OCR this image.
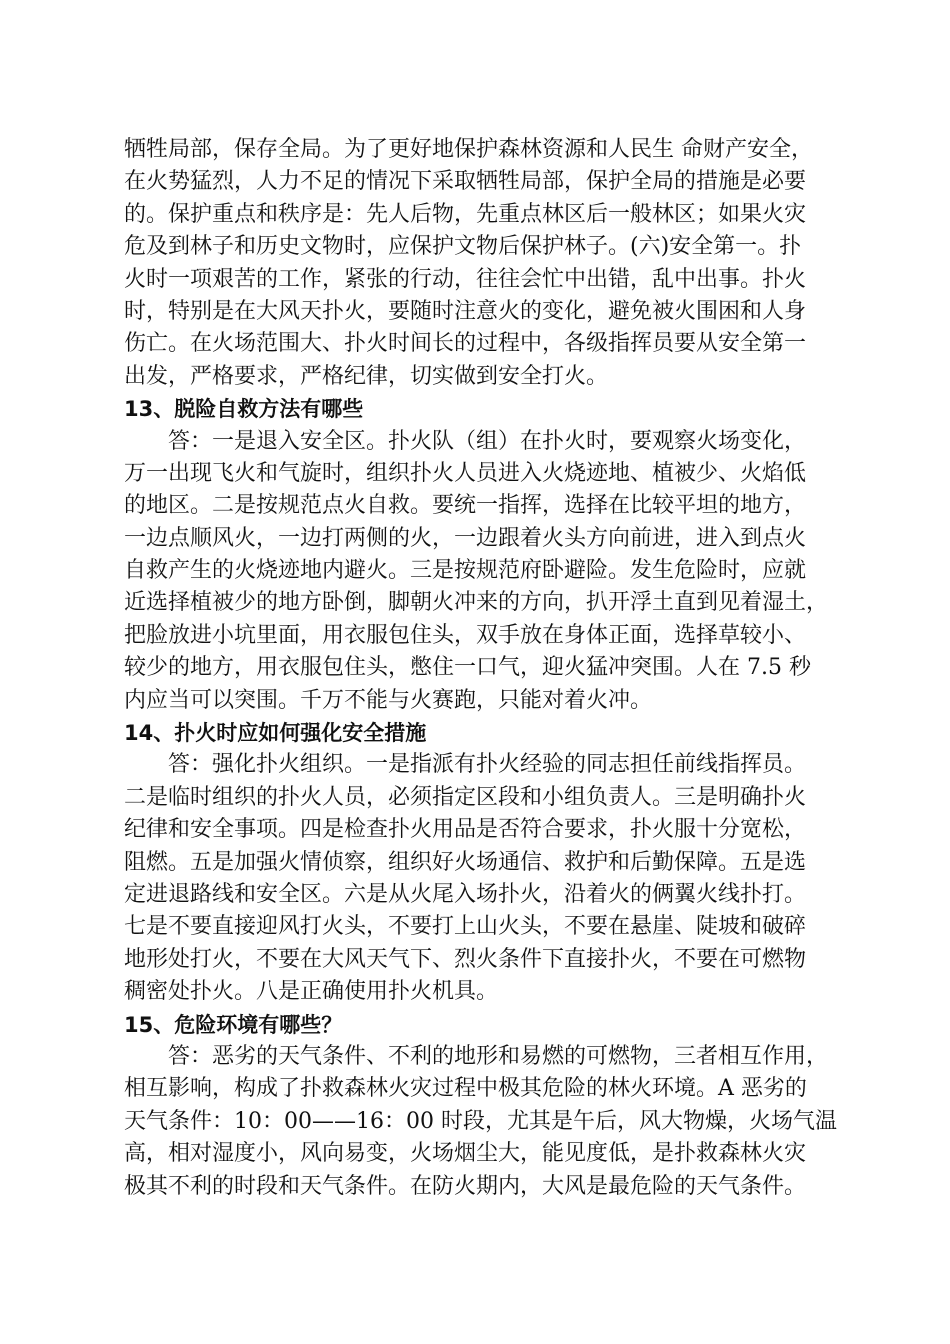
牺牲局部，保存全局。为了更好地保护森林资源和人民生 命财产安全，
在火势猛烈，人力不足的情况下采取牺牲局部，保护全局的措施是必要
的。保护重点和秩序是：先人后物，先重点林区后一般林区；如果火灾
危及到林子和历史文物时，应保护文物后保护林子。(六)安全第一。扑
火时一项艰苦的工作，紧张的行动，往往会忙中出错，乱中出事。扑火
时，特别是在大风天扑火，要随时注意火的变化，避免被火围困和人身
伤亡。在火场范围大、扑火时间长的过程中，各级指挥员要从安全第一
出发，严格要求，严格纪律，切实做到安全打火。
13、脱险自救方法有哪些
答：一是退入安全区。扑火队（组）在扑火时，要观察火场变化，
万一出现飞火和气旋时，组织扑火人员进入火烧迹地、植被少、火焰低
的地区。二是按规范点火自救。要统一指挥，选择在比较平坦的地方，
一边点顺风火，一边打两侧的火，一边跟着火头方向前进，进入到点火
自救产生的火烧迹地内避火。三是按规范府卧避险。发生危险时，应就
近选择植被少的地方卧倒，脚朝火冲来的方向，扒开浮土直到见着湿土，
把脸放进小坑里面，用衣服包住头，双手放在身体正面，选择草较小、
较少的地方，用衣服包住头，憋住一口气，迎火猛冲突围。人在 7.5 秒
内应当可以突围。千万不能与火赛跑，只能对着火冲。
14、扑火时应如何强化安全措施
答：强化扑火组织。一是指派有扑火经验的同志担任前线指挥员。
二是临时组织的扑火人员，必须指定区段和小组负责人。三是明确扑火
纪律和安全事项。四是检查扑火用品是否符合要求，扑火服十分宽松，
阻燃。五是加强火情侦察，组织好火场通信、救护和后勤保障。五是选
定进退路线和安全区。六是从火尾入场扑火，沿着火的俩翼火线扑打。
七是不要直接迎风打火头，不要打上山火头，不要在悬崖、陡坡和破碎
地形处打火，不要在大风天气下、烈火条件下直接扑火，不要在可燃物
稠密处扑火。八是正确使用扑火机具。
15、危险环境有哪些？
答：恶劣的天气条件、不利的地形和易燃的可燃物，三者相互作用，
相互影响，构成了扑救森林火灾过程中极其危险的林火环境。A 恶劣的
天气条件：10：00——16：00 时段，尤其是午后，风大物燥，火场气温
高，相对湿度小，风向易变，火场烟尘大，能见度低，是扑救森林火灾
极其不利的时段和天气条件。在防火期内，大风是最危险的天气条件。
